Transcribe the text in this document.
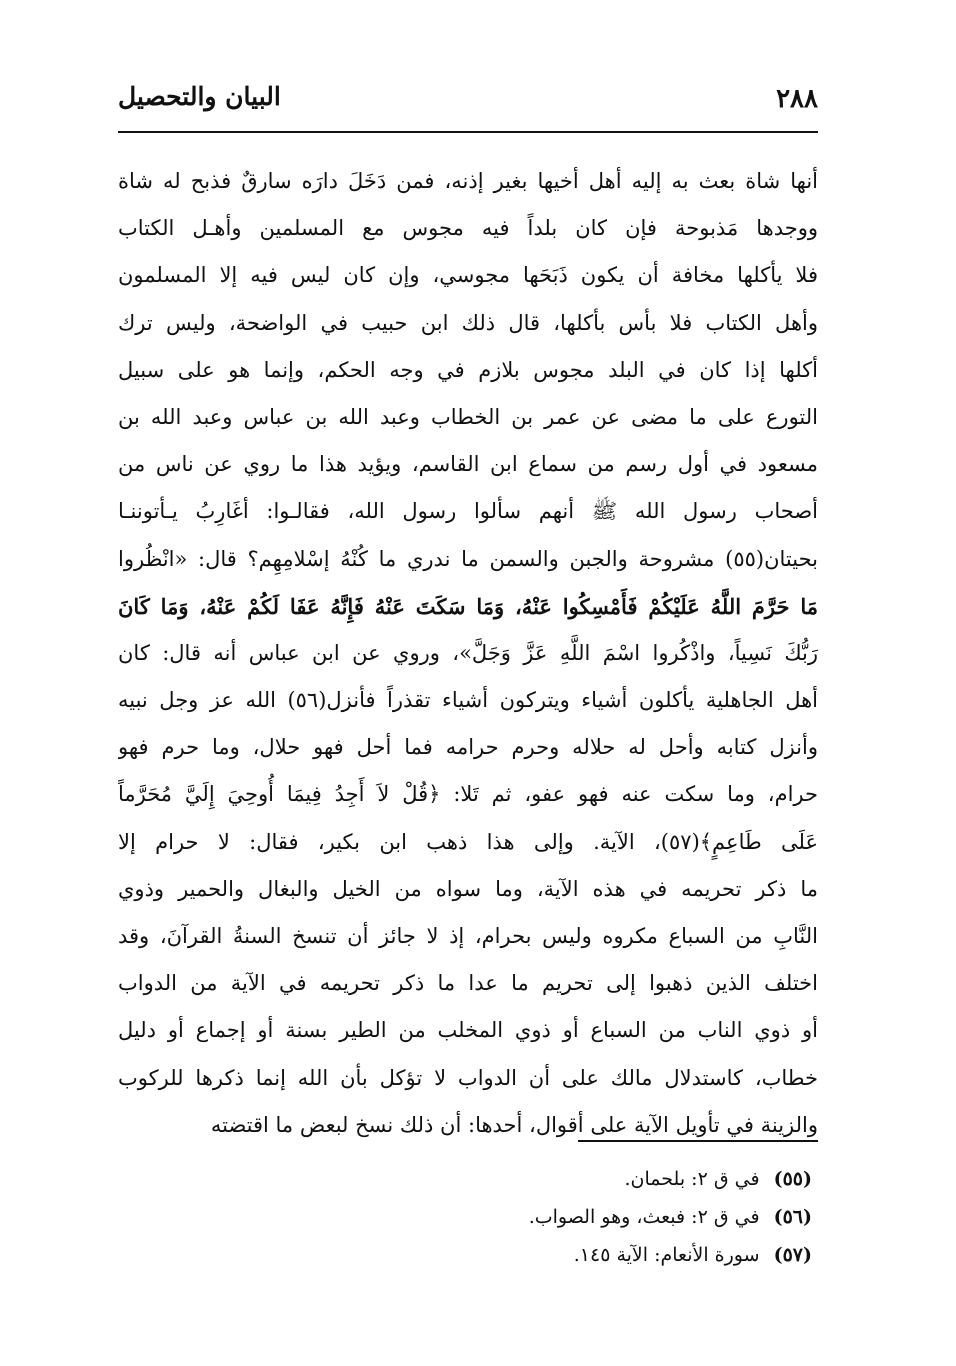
٢٨٨
البيان والتحصيل
أنها شاة بعث به إليه أهل أخيها بغير إذنه، فمن دَخَلَ دارَه سارقٌ فذبح له شاة
ووجدها مَذبوحة فإن كان بلداً فيه مجوس مع المسلمين وأهـل الكتاب
فلا يأكلها مخافة أن يكون ذَبَحَها مجوسي، وإن كان ليس فيه إلا المسلمون
وأهل الكتاب فلا بأس بأكلها، قال ذلك ابن حبيب في الواضحة، وليس ترك
أكلها إذا كان في البلد مجوس بلازم في وجه الحكم، وإنما هو على سبيل
التورع على ما مضى عن عمر بن الخطاب وعبد الله بن عباس وعبد الله بن
مسعود في أول رسم من سماع ابن القاسم، ويؤيد هذا ما روي عن ناس من
أصحاب رسول الله ﷺ أنهم سألوا رسول الله، فقالـوا: أغَارِبُ يـأتوننـا
بحيتان(٥٥) مشروحة والجبن والسمن ما ندري ما كُنْهُ إسْلامِهِم؟ قال: «انْظُروا
مَا حَرَّمَ اللَّهُ عَلَيْكُمْ فَأَمْسِكُوا عَنْهُ، وَمَا سَكَتَ عَنْهُ فَإِنَّهُ عَفَا لَكُمْ عَنْهُ، وَمَا كَانَ
رَبُّكَ نَسِياً، واذْكُروا اسْمَ اللَّهِ عَزَّ وَجَلَّ»، وروي عن ابن عباس أنه قال: كان
أهل الجاهلية يأكلون أشياء ويتركون أشياء تقذراً فأنزل(٥٦) الله عز وجل نبيه
وأنزل كتابه وأحل له حلاله وحرم حرامه فما أحل فهو حلال، وما حرم فهو
حرام، وما سكت عنه فهو عفو، ثم تَلا: ﴿قُلْ لاَ أَجِدُ فِيمَا أُوحِيَ إِلَيَّ مُحَرَّماً
عَلَى طَاعِمٍ﴾(٥٧)، الآية. وإلى هذا ذهب ابن بكير، فقال: لا حرام إلا
ما ذكر تحريمه في هذه الآية، وما سواه من الخيل والبغال والحمير وذوي
النَّابِ من السباع مكروه وليس بحرام، إذ لا جائز أن تنسخ السنةُ القرآنَ، وقد
اختلف الذين ذهبوا إلى تحريم ما عدا ما ذكر تحريمه في الآية من الدواب
أو ذوي الناب من السباع أو ذوي المخلب من الطير بسنة أو إجماع أو دليل
خطاب، كاستدلال مالك على أن الدواب لا تؤكل بأن الله إنما ذكرها للركوب
والزينة في تأويل الآية على أقوال، أحدها: أن ذلك نسخ لبعض ما اقتضته
(٥٥) في ق ٢: بلحمان.
(٥٦) في ق ٢: فبعث، وهو الصواب.
(٥٧) سورة الأنعام: الآية ١٤٥.
